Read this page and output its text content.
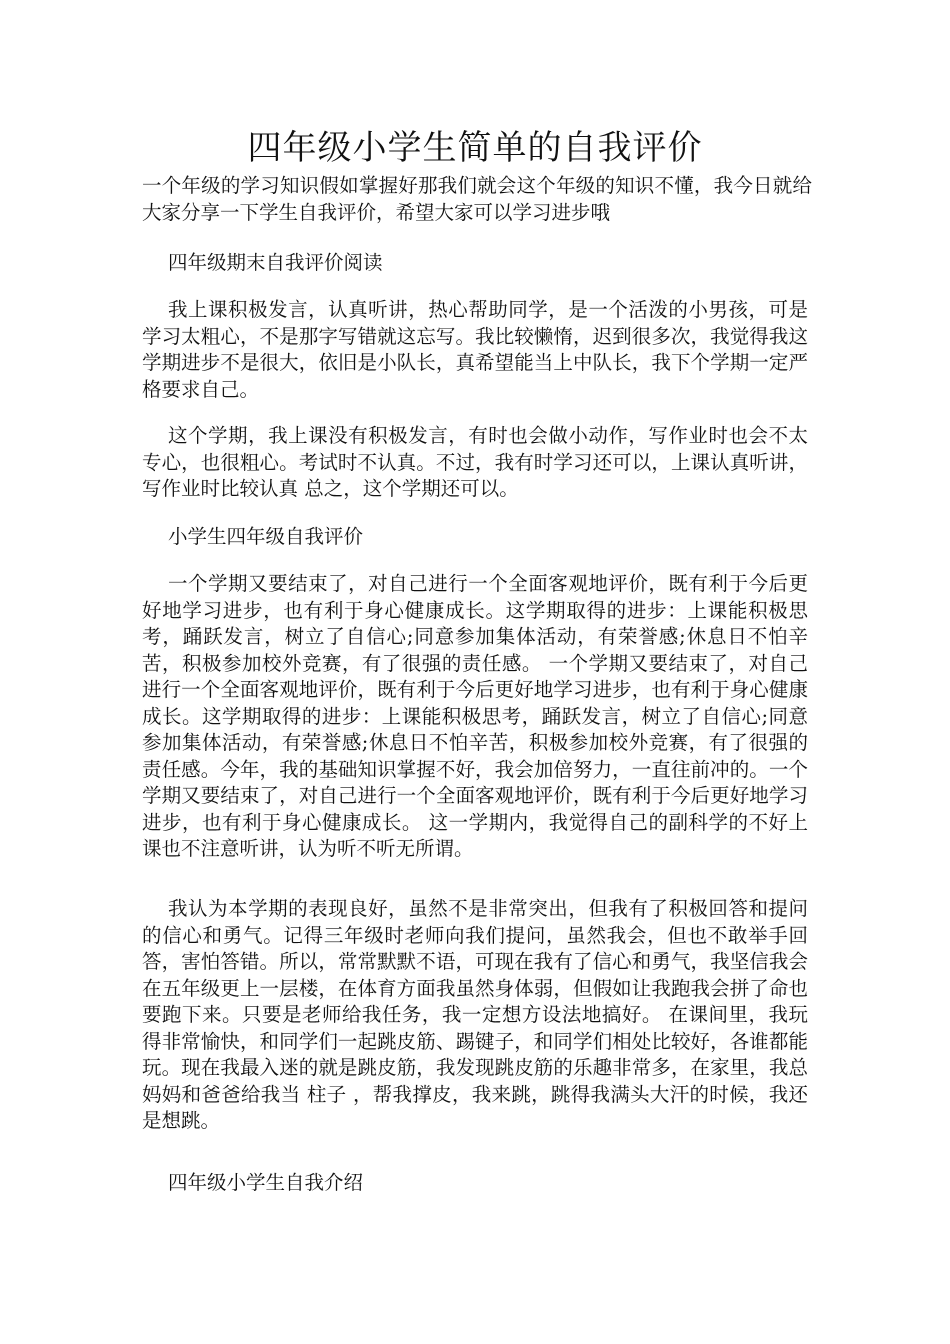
四年级小学生简单的自我评价
一个年级的学习知识假如掌握好那我们就会这个年级的知识不懂，我今日就给大家分享一下学生自我评价，希望大家可以学习进步哦
四年级期末自我评价阅读
我上课积极发言，认真听讲，热心帮助同学，是一个活泼的小男孩，可是学习太粗心，不是那字写错就这忘写。我比较懒惰，迟到很多次，我觉得我这学期进步不是很大，依旧是小队长，真希望能当上中队长，我下个学期一定严格要求自己。
这个学期，我上课没有积极发言，有时也会做小动作，写作业时也会不太专心，也很粗心。考试时不认真。不过，我有时学习还可以，上课认真听讲，写作业时比较认真 总之，这个学期还可以。
小学生四年级自我评价
一个学期又要结束了，对自己进行一个全面客观地评价，既有利于今后更好地学习进步，也有利于身心健康成长。这学期取得的进步：上课能积极思考，踊跃发言，树立了自信心;同意参加集体活动，有荣誉感;休息日不怕辛苦，积极参加校外竞赛，有了很强的责任感。 一个学期又要结束了，对自己进行一个全面客观地评价，既有利于今后更好地学习进步，也有利于身心健康成长。这学期取得的进步：上课能积极思考，踊跃发言，树立了自信心;同意参加集体活动，有荣誉感;休息日不怕辛苦，积极参加校外竞赛，有了很强的责任感。今年，我的基础知识掌握不好，我会加倍努力，一直往前冲的。一个学期又要结束了，对自己进行一个全面客观地评价，既有利于今后更好地学习进步，也有利于身心健康成长。 这一学期内，我觉得自己的副科学的不好上课也不注意听讲，认为听不听无所谓。
我认为本学期的表现良好，虽然不是非常突出，但我有了积极回答和提问的信心和勇气。记得三年级时老师向我们提问，虽然我会，但也不敢举手回答，害怕答错。所以，常常默默不语，可现在我有了信心和勇气，我坚信我会在五年级更上一层楼，在体育方面我虽然身体弱，但假如让我跑我会拼了命也要跑下来。只要是老师给我任务，我一定想方设法地搞好。 在课间里，我玩得非常愉快，和同学们一起跳皮筋、踢键子，和同学们相处比较好，各谁都能玩。现在我最入迷的就是跳皮筋，我发现跳皮筋的乐趣非常多，在家里，我总妈妈和爸爸给我当 柱子 ，帮我撑皮，我来跳，跳得我满头大汗的时候，我还是想跳。
四年级小学生自我介绍
